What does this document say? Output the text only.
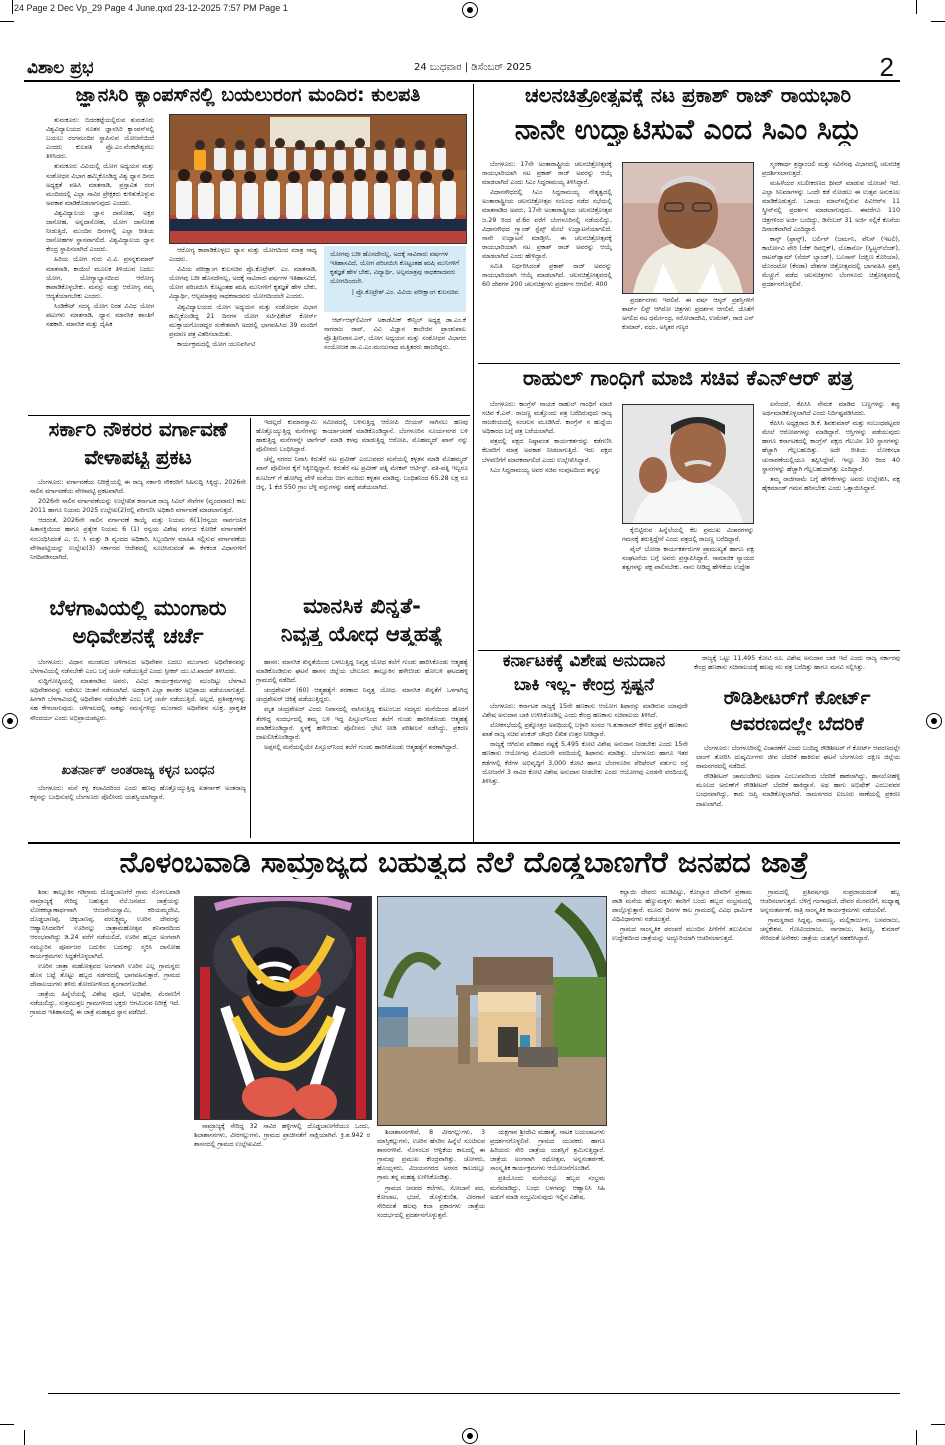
24 Page 2 Dec Vp_29 Page 4 June.qxd 23-12-2025 7:57 PM Page 1
ವಿಶಾಲ ಪ್ರಭ	24 ಬುಧವಾರ | ಡಿಸೆಂಬರ್ 2025	2
ಜ್ಞಾನಸಿರಿ ಕ್ಯಾಂಪಸ್‌ನಲ್ಲಿ ಬಯಲುರಂಗ ಮಂದಿರ: ಕುಲಪತಿ

ತುಮಕೂರು: ಬಿದರಕಟ್ಟೆಯಲ್ಲಿರುವ ತುಮಕೂರು ವಿಶ್ವವಿದ್ಯಾಲಯದ ನೂತನ ಜ್ಞಾನಸಿರಿ ಕ್ಯಾಂಪಸ್‌ನಲ್ಲಿ ಬಯಲು ರಂಗಮಂದಿರ ಸ್ಥಾಪಿಸುವ ಯೋಜನೆಯಿದೆ ಎಂದರು ಕುಲಪತಿ ಪ್ರೊ.ಎಂ.ವೆಂಕಟೇಶ್ವರಲು ತಿಳಿಸಿದರು.

ತುಮಕೂರು ವಿವಿಯಲ್ಲಿ ಯೋಗ ಅಧ್ಯಯನ ಮತ್ತು ಸಂಶೋಧನ ವಿಭಾಗ ಹಮ್ಮಿಕೊಂಡಿದ್ದ ವಿಶ್ವ ಧ್ಯಾನ ದಿನದ ಅಧ್ಯಕ್ಷತೆ ವಹಿಸಿ ಮಾತನಾಡಿ, ಪ್ರಸ್ತಾವಿತ ರಂಗ ಮಂದಿರದಲ್ಲಿ ಎಲ್ಲಾ ಸಾವಿರ ಪ್ರೇಕ್ಷಕರು ಕುಳಿತುಕೊಳ್ಳುವ ಅವಕಾಶ ಮಾಡಿಕೊಡಲಾಗುವುದು ಎಂದರು.

ವಿಶ್ವವಿದ್ಯಾಲಯ ಜ್ಞಾನ ದಾಸೋಹ, ಅಕ್ಷರ ದಾಸೋಹ, ಅನ್ನದಾಸೋಹ, ಯೋಗ ದಾಸೋಹ ನೀಡುತ್ತಿದೆ, ಮುಂದಿನ ದಿನಗಳಲ್ಲಿ ಎಲ್ಲಾ ರೀತಿಯ ದಾಸೋಹಗಳ ಸ್ಥಾನವಾಗಲಿದೆ. ವಿಶ್ವವಿದ್ಯಾಲಯ ಧ್ಯಾನ ಕೇಂದ್ರ ಸ್ಥಾಪಿಸಲಾಗಿದೆ ಎಂದರು.

ಹಿರಿಯ ಯೋಗ ಗುರು ವಿ.ವಿ. ಪ್ರಸನ್ನಕುಮಾರ್ ಮಾತನಾಡಿ, ಕಾಯಿಲೆ ಮೂಲಕ ತಿಳಿಯುವ ಬದಲು ಯೋಗ, ಯೋಗ್ಯಾಭ್ಯಾಸದಿಂದ ಆರೋಗ್ಯ ಕಾಪಾಡಿಕೊಳ್ಳಬೇಕು. ಮನಸ್ಸು ಮತ್ತು ಆರೋಗ್ಯ ನಮ್ಮ ಆದ್ಯತೆಯಾಗಬೇಕು ಎಂದರು.

ಸಿಂಡಿಕೇಟ್ ಸದಸ್ಯ ಯೋಗ ನಿರತ ವಿವಿಧ ಯೋಗ ಪಟುಗಳು ಮಾತನಾಡಿ, ಧ್ಯಾನ ಮಾನಸಿಕ ಶಾಂತಿಗೆ ಸಹಕಾರಿ. ಮಾನಸಿಕ ಮತ್ತು ದೈಹಿಕ

ಆರೋಗ್ಯ ಕಾಪಾಡಿಕೊಳ್ಳಲು ಧ್ಯಾನ ಮತ್ತು ಯೋಗದಿಂದ ಮಾತ್ರ ಸಾಧ್ಯ ಎಂದರು.

ವಿವಿಯ ಪರೀಕ್ಷಾಂಗ ಕುಲಸಚಿವ ಪ್ರೊ.ಕೊಟ್ರೇಶ್. ಎಂ. ಮಾತನಾಡಿ, ಯೋಗವು ಬರೀ ಹೊಸದೇನಲ್ಲ, ಅದಕ್ಕೆ ಸಾವಿರಾರು ವರ್ಷಗಳ ಇತಿಹಾಸವಿದೆ, ಯೋಗ ಪರಿಚಯಿಸಿ ಕೊಟ್ಟಂತಹ ಋಷಿ ಮುನಿಗಳಿಗೆ ಕೃತಜ್ಞತೆ ಹೇಳ ಬೇಕು, ವಿದ್ಯಾರ್ಥಿ, ಆಲ್ಪಮಾತ್ರವು ಸಾಧಕರಾದವರು ಯೋಗದಿಂದಲೇ ಎಂದರು.

ವಿಶ್ವವಿದ್ಯಾಲಯದ ಯೋಗ ಅಧ್ಯಯನ ಮತ್ತು ಸಂಶೋಧನ ವಿಭಾಗ ಹಮ್ಮಿಕೊಂಡಿದ್ದ 21 ದಿನಗಳ ಯೋಗ ಸರ್ಟಿಫಿಕೇಟ್ ಕೋರ್ಸ್ ಮುಕ್ತಾಯಗೊಂಡದ್ದರ ಸಂಕೇತವಾಗಿ ಅದರಲ್ಲಿ ಭಾಗವಹಿಸಿದ 39 ಮಂದಿಗೆ ಪ್ರಮಾಣ ಪತ್ರ ವಿತರಿಸಲಾಯಿತು.

ಕಾರ್ಯಕ್ರಮದಲ್ಲಿ ಯೋಗ ಯುನಿವರ್ಸಿಟಿ

ಯೋಗವು ಬರೀ ಹೊಸದೇನಲ್ಲ, ಅದಕ್ಕೆ ಸಾವಿರಾರು ವರ್ಷಗಳ ಇತಿಹಾಸವಿದೆ, ಯೋಗ ಪರಿಚಯಿಸಿ ಕೊಟ್ಟಂತಹ ಋಷಿ ಮುನಿಗಳಿಗೆ ಕೃತಜ್ಞತೆ ಹೇಳ ಬೇಕು, ವಿದ್ಯಾರ್ಥಿ, ಅಲ್ಪಮಾತ್ರವು ಸಾಧಕರಾದವರು ಯೋಗದಿಂದಲೇ.
| ಪ್ರೊ.ಕೊಟ್ರೇಶ್.ಎಂ. ವಿವಿಯ ಪರೀಕ್ಷಾಂಗ ಕುಲಸಚಿವ.

ಆರ್ಟ್‌ಆಫ್‌ಲಿವಿಂಗ್ ಅಕಾಡೆಮಿಕ್ ಕೌನ್ಸಿಲ್ ಅಧ್ಯಕ್ಷ ಡಾ.ಎಂ.ಕೆ ನಾಗರಾಜ ರಾವ್, ವಿವಿ ವಿಜ್ಞಾನ ಕಾಲೇಜಿನ ಪ್ರಾಂಶುಪಾಲ ಪ್ರೊ.ಶ್ರೀನಿವಾಸ.ಎನ್, ಯೋಗ ಅಧ್ಯಯನ ಮತ್ತು ಸಂಶೋಧನ ವಿಭಾಗದ ಸಂಯೋಜಕ ಡಾ.ಎ.ಎಂ.ಮಂಜುನಾಥ ಮತ್ತಿತರರು ಹಾಜರಿದ್ದರು.

ಚಲನಚಿತ್ರೋತ್ಸವಕ್ಕೆ ನಟ ಪ್ರಕಾಶ್ ರಾಜ್ ರಾಯಭಾರಿ
ನಾನೇ ಉದ್ಘಾಟಿಸುವೆ ಎಂದ ಸಿಎಂ ಸಿದ್ದು

ಬೆಂಗಳೂರು: 17ನೇ ಅಂತಾರಾಷ್ಟ್ರೀಯ ಚಲನಚಿತ್ರೋತ್ಸವಕ್ಕೆ ರಾಯಭಾರಿಯಾಗಿ ನಟ ಪ್ರಕಾಶ್ ರಾಜ್ ಅವರನ್ನು ಆಯ್ಕೆ ಮಾಡಲಾಗಿದೆ ಎಂದು ಸಿಎಂ ಸಿದ್ದರಾಮಯ್ಯ ತಿಳಿಸಿದ್ದಾರೆ.

ವಿಧಾನಸೌಧದಲ್ಲಿ ಸಿಎಂ ಸಿದ್ದರಾಮಯ್ಯ ನೇತೃತ್ವದಲ್ಲಿ ಅಂತಾರಾಷ್ಟ್ರೀಯ ಚಲನಚಿತ್ರೋತ್ಸವ ಸಂಬಂಧ ನಡೆದ ಸಭೆಯಲ್ಲಿ ಮಾತನಾಡಿದ ಅವರು, 17ನೇ ಅಂತಾರಾಷ್ಟ್ರೀಯ ಚಲನಚಿತ್ರೋತ್ಸವ ಜ.29 ರಿಂದ ಫೆ.6ರ ವರೆಗೆ ಬೆಂಗಳೂರಿನಲ್ಲಿ ನಡೆಯಲಿದ್ದು, ವಿಧಾನಸೌಧದ ಗ್ರ್ಯಾಂಡ್ ಸ್ಟೆಪ್ಸ್ ಮೇಲೆ ಉದ್ಘಾಟನೆಯಾಗಲಿದೆ. ನಾನೇ ಉದ್ಘಾಟನೆ ಮಾಡ್ತೀನಿ. ಈ ಚಲನಚಿತ್ರೋತ್ಸವಕ್ಕೆ ರಾಯಭಾರಿಯಾಗಿ ನಟ ಪ್ರಕಾಶ್ ರಾಜ್ ಅವರನ್ನು ಆಯ್ಕೆ ಮಾಡಲಾಗಿದೆ ಎಂದು ಹೇಳಿದ್ದಾರೆ.

ಸಮಿತಿ ನಿರ್ಧರಿಸಿದಂತೆ ಪ್ರಕಾಶ್ ರಾಜ್ ಅವರನ್ನು ರಾಯಭಾರಿಯಾಗಿ ಆಯ್ಕೆ ಮಾಡಲಾಗಿದೆ. ಚಲನಚಿತ್ರೋತ್ಸವದಲ್ಲಿ 60 ದೇಶಗಳ 200 ಚಲನಚಿತ್ರಗಳು ಪ್ರದರ್ಶನ ಆಗಲಿವೆ. 400

ಪ್ರದರ್ಶನಗಳು ಇರಲಿವೆ. ಈ ವರ್ಷ ಆಸ್ಕರ್ ಪ್ರಶಸ್ತಿಗಳಿಗೆ ಶಾರ್ಟ್ ಲಿಸ್ಟ್ ಆಗಿರೋ ಚಿತ್ರಗಳು ಪ್ರದರ್ಶನ ಆಗಲಿವೆ. ಜೊತೆಗೆ ಅಗಲಿದ ನಟ ಧರ್ಮೇಂದ್ರ, ಸರೋಜಾದೇವಿ, ಉಮೇಶ್, ರಾಜಿ ಎನ್ ಕುಮಾರ್, ವಧಂ, ಅಸ್ಕಿತರ ಗಣ್ಯರ

ಸ್ಮರಣಾರ್ಥ ಶ್ರದ್ಧಾಂಜಲಿ ಮತ್ತು ಸವಿನೆನಪು ವಿಭಾಗದಲ್ಲಿ ಚಲನಚಿತ್ರ ಪ್ರದರ್ಶಿಸಲಾಗುತ್ತದೆ.

ಮಹಿಳೆಯರ ಸಬಲೀಕರಣದ ಥೀಮ್ ಮಾಡುವ ಯೋಚನೆ ಇದೆ. ಎಲ್ಲಾ ಸಿನಿಮಾಗಳನ್ನು ಒಂದೇ ಕಡೆ ನೋಡಲು ಈ ಉತ್ಸವ ಅನುಕೂಲ ಮಾಡಿಕೊಡುತ್ತದೆ. ಒರಾಯ ಮಾಲ್‌ನಲ್ಲಿರುವ ಪಿವಿಆರ್‌ನ 11 ಸ್ಕ್ರೀನ್‌ನಲ್ಲಿ ಪ್ರದರ್ಶನ ಮಾಡಲಾಗುವುದು. ಈವರೆಗೂ 110 ಚಿತ್ರಗಳಿಂದ ಅರ್ಜಿ ಬಂದಿದ್ದು, ಡಿಸೆಂಬರ್ 31 ಅರ್ಜಿ ಸಲ್ಲಿಕೆ ಕೊನೆಯ ದಿನಾಂಕವಾಗಿದೆ ಎಂದಿದ್ದಾರೆ.

ಕಾನ್ಸ್ (ಫ್ರಾನ್ಸ್), ಬರ್ಲಿನ್ (ಜರ್ಮನಿ, ವೆನಿಸ್ (ಇಟಲಿ), ಕಾರ್ಲೋವಿ ವೇರಿ (ಜೆಕ್ ರಿಪಬ್ಲಿಕ್), ಲೊಕಾರ್ನೊ (ಸ್ವಿಟ್ಜರ್‌ಲೆಂಡ್), ರಾಟರ್‌ಡ್ಯಾಮ್ (ನೆದರ್ ಲ್ಯಾಂಡ್), ಬೂಸಾನ್ (ದಕ್ಷಿಣ ಕೊರಿಯಾ), ಟೊರಂಟೋ (ಕೆನಡಾ) ದೇಶಗಳ ಚಿತ್ರೋತ್ಸವದಲ್ಲಿ ಭಾಗವಹಿಸಿ ಪ್ರಶಸ್ತಿ ಮೆಚ್ಚುಗೆ ಪಡೆದ ಚಲನಚಿತ್ರಗಳು ಬೆಂಗಳೂರು ಚಿತ್ರೋತ್ಸವದಲ್ಲಿ ಪ್ರದರ್ಶನಗೊಳ್ಳಲಿವೆ.

ರಾಹುಲ್ ಗಾಂಧಿಗೆ ಮಾಜಿ ಸಚಿವ ಕೆಎನ್‌ಆರ್ ಪತ್ರ

ಬೆಂಗಳೂರು: ಕಾಂಗ್ರೆಸ್ ನಾಯಕ ರಾಹುಲ್ ಗಾಂಧಿಗೆ ಮಾಜಿ ಸಚಿವ ಕೆ.ಎನ್. ರಾಜಣ್ಣ ಮತ್ತೊಂದು ಪತ್ರ ಬರೆದಿರುವುದು ರಾಜ್ಯ ರಾಜಕೀಯದಲ್ಲಿ ಸಂಚಲನ ಮೂಡಿಸಿದೆ. ಕಾಂಗ್ರೆಸ್ ನ ಹುದ್ದೆಯ ಅಧಿಕಾರದ ಬಗ್ಗೆ ಪತ್ರ ಬರೆಯಲಾಗಿದೆ.

ಪತ್ರದಲ್ಲಿ ಪಕ್ಷದ ನಿಷ್ಠಾವಂತ ಕಾರ್ಯಕರ್ತರನ್ನು ಕಡೆಗಣಿಸಿ ಕೆಲವರಿಗೆ ಮಾತ್ರ ಅವಕಾಶ ನೀಡಲಾಗುತ್ತಿದೆ. ಇದು ಪಕ್ಷದ ಬೆಳವಣಿಗೆಗೆ ಮಾರಕವಾಗಲಿದೆ ಎಂದು ಉಲ್ಲೇಖಿಸಿದ್ದಾರೆ.

ಸಿಎಂ ಸಿದ್ದರಾಮಯ್ಯ ಅವರ ಸಚಿವ ಸಂಪುಟದಿಂದ ತನ್ನನ್ನು

ಕೈಬಿಟ್ಟಿರುವ ಹಿನ್ನೆಲೆಯಲ್ಲಿ ಕೆಲ ಪ್ರಮುಖ ವಿಚಾರಗಳನ್ನು ಗಮನಕ್ಕೆ ತರುತ್ತಿದ್ದೇನೆ ಎಂದು ಪತ್ರದಲ್ಲಿ ರಾಜಣ್ಣ ಬರೆದಿದ್ದಾರೆ.

ಪೈಲ್ ಬೋರಾ ಕಾರ್ಯಕರ್ತರುಗಳ ಪ್ರಾಮುಖ್ಯತೆ ಹಾಗೂ ಪಕ್ಷ ಸಂಘಟನೆಯ ಬಗ್ಗೆ ಅವರು ಪ್ರಸ್ತಾಪಿಸಿದ್ದಾರೆ. ಸಾಮಾಜಿಕ ನ್ಯಾಯದ ತತ್ವಗಳನ್ನು ಪಕ್ಷ ಪಾಲಿಸಬೇಕು. ನಾನು ನೀಡಿದ್ದ ಹೇಳಿಕೆಯ ಉದ್ದೇಶ

ಏನೆಂದರೆ, ಕೆಪಿಸಿಸಿ ನೇಮಕ ಮಾಡಿದ ಬಣ್ಣಗಳನ್ನು ತಪ್ಪು ಅರ್ಥಮಾಡಿಕೊಳ್ಳಲಾಗಿದೆ ಎಂದು ನಿರ್ದಿಷ್ಟಪಡಿಸಿದರು.

ಕೆಪಿಸಿಸಿ ಅಧ್ಯಕ್ಷರಾದ ಡಿ.ಕೆ. ಶಿವಕುಮಾರ್ ಮತ್ತು ಸಂಬಂಧಪಟ್ಟವರ ಮೇಲೆ ಆರೋಪಗಳನ್ನು ಮಾಡಿದ್ದಾರೆ. ಆಸ್ತಿಗಳನ್ನು ಪಡೆಯುವುದು ಹಾಗೂ ಕರ್ನಾಟಕದಲ್ಲಿ ಕಾಂಗ್ರೆಸ್ ಪಕ್ಷದ ಗೆಲುವಿನ 10 ಸ್ಥಾನಗಳನ್ನು ಹೆಚ್ಚಾಗಿ ಗೆಲ್ಲಬಹುದಿತ್ತು. ಅದೇ ರೀತಿಯ ಲೋಕಸಭಾ ಚುನಾವಣೆಯಲ್ಲಿಯೂ ತಪ್ಪಿಸಿದ್ದೇವೆ, ಇನ್ನೂ 30 ರಿಂದ 40 ಸ್ಥಾನಗಳನ್ನು ಹೆಚ್ಚಾಗಿ ಗೆಲ್ಲಬಹುದಾಗಿತ್ತು ಎಂದಿದ್ದಾರೆ.

ತಮ್ಮ ರಾಜೀನಾಮೆ ಬಗ್ಗೆ ಹೇಳಿಕೆಗಳನ್ನು ಅವರು ಉಲ್ಲೇಖಿಸಿ, ಪಕ್ಷ ಹೈಕಮಾಂಡ್ ಗಮನ ಹರಿಸಬೇಕು ಎಂದು ಒತ್ತಾಯಿಸಿದ್ದಾರೆ.

ಸರ್ಕಾರಿ ನೌಕರರ ವರ್ಗಾವಣೆ
ವೇಳಾಪಟ್ಟಿ ಪ್ರಕಟ

ಬೆಂಗಳೂರು: ವರ್ಗಾವಣೆಯ ನಿರೀಕ್ಷೆಯಲ್ಲಿ ಈ ರಾಜ್ಯ ಸರ್ಕಾರಿ ನೌಕರರಿಗೆ ಸಿಹಿಸುದ್ದಿ ಸಿಕ್ಕಿದ್ದು, 2026ನೇ ಸಾಲಿನ ವರ್ಗಾವಣೆಯ ವೇಳಾಪಟ್ಟಿ ಪ್ರಕಟವಾಗಿದೆ.

2026ನೇ ಸಾಲಿನ ವರ್ಗಾವಣೆಯನ್ನು ಉಲ್ಲೇಖಿತ ಕರ್ನಾಟಕ ರಾಜ್ಯ ಸಿವಿಲ್ ಸೇವೆಗಳ (ವೃಂದವಾರು) ಕಾಲ 2011 ಹಾಗೂ ನಿಯಮ 2025 ಉಲ್ಲೇಖ(2)ರಲ್ಲಿ ಪರಿಗಣಿಸಿ ಅಧಿಕಾರಿ ವರ್ಗಾವಣೆ ಮಾಡಲಾಗುತ್ತದೆ.

ಆದರಂತೆ, 2026ನೇ ಸಾಲಿನ ವರ್ಗಾವಣೆ ಕಾಯ್ದೆ ಮತ್ತು ನಿಯಮ 6(1)ರನ್ವಯ ಸಾರ್ವಜನಿಕ ಹಿತಾಸಕ್ತಿಯಿಂದ ಹಾಗೂ ಪ್ರತ್ಯೇಕ ನಿಯಮ 6 (1) ರನ್ವಯ ವಿಶೇಷ ವರ್ಗದ ಕೋರಿಕೆ ವರ್ಗಾವಣೆಗೆ ಸಂಬಂಧಿಸಿದಂತೆ ಎ, ಬಿ, ಸಿ ಮತ್ತು ಡಿ ವೃಂದದ ಅಧಿಕಾರಿ, ಸಿಬ್ಬಂದಿಗಳ ಮಾಹಿತಿ ಸಲ್ಲಿಸುವ ವರ್ಗಾವಣೆಯ ವೇಳಾಪಟ್ಟಿಯನ್ನು ಉಲ್ಲೇಖ(3) ಸರ್ಕಾರದ ಆದೇಶದಲ್ಲಿ ಸೂಚಿಸಿರುವಂತೆ ಈ ಕೆಳಕಂಡ ವಿಧಾನಗಳಿಗೆ ನಿಗದಿಪಡಿಸಲಾಗಿದೆ.

ಬೆಳಗಾವಿಯಲ್ಲಿ ಮುಂಗಾರು
ಅಧಿವೇಶನಕ್ಕೆ ಚರ್ಚೆ

ಬೆಂಗಳೂರು: ವಿಧಾನ ಮಂಡಲದ ಚಳಿಗಾಲದ ಅಧಿವೇಶನ ಬದಲು ಮುಂಗಾರು ಅಧಿವೇಶನವನ್ನು ಬೆಳಗಾವಿಯಲ್ಲಿ ನಡೆಸಬೇಕೇ ಎಂಬ ಬಗ್ಗೆ ಚರ್ಚೆ ನಡೆಯುತ್ತಿದೆ ಎಂದು ಸ್ಪೀಕರ್ ಯು.ಟಿ.ಖಾದರ್ ತಿಳಿಸಿದರು.

ಸುದ್ದಿಗೋಷ್ಠಿಯಲ್ಲಿ ಮಾತನಾಡಿದ ಅವರು, ವಿವಿಧ ಕಾರ್ಯಕ್ರಮಗಳನ್ನು ಮುಂದಿಟ್ಟು ಬೆಳಗಾವಿ ಅಧಿವೇಶನವನ್ನು ನಡೆಸಲು ಚಿಂತನೆ ನಡೆಸಲಾಗಿದೆ. ಅದಕ್ಕಾಗಿ ಎಲ್ಲಾ ಶಾಸಕರ ಅಭಿಪ್ರಾಯ ಪಡೆಯಲಾಗುತ್ತದೆ. ಹೀಗಾಗಿ ಬೆಳಗಾವಿಯಲ್ಲಿ ಅಧಿವೇಶನ ನಡೆಸಬೇಕೇ ಎಂಬ ಬಗ್ಗೆ ಚರ್ಚೆ ನಡೆಯುತ್ತಿದೆ. ಅಲ್ಲದೆ, ಪ್ರತಿಪಕ್ಷಗಳನ್ನು ಸಹ ಕೇಳಲಾಗುವುದು. ಚಳಿಗಾಲದಲ್ಲಿ ಸಾಕಷ್ಟು ಸಮಸ್ಯೆಗಳಿದ್ದು ಮುಂಗಾರು ಅಧಿವೇಶನ ಸೂಕ್ತ. ಪ್ರಾಕೃತಿಕ ಸೌಂದರ್ಯ ಎಂದು ಅಭಿಪ್ರಾಯಪಟ್ಟರು.

ಖತರ್ನಾಕ್ ಅಂತರಾಜ್ಯ ಕಳ್ಳನ ಬಂಧನ

ಬೆಂಗಳೂರು: ಮನೆ ಕಳ್ಳ ಕಲಾವಿದರಿಂದ ಎಂದು ಹಣವು ಹೊತ್ತೊಯ್ಯುತ್ತಿದ್ದ ಖತರ್ನಾಕ್ ಅಂತರಾಜ್ಯ ಕಳ್ಳನನ್ನು ಬಂಧಿಸುವಲ್ಲಿ ಬೆಂಗಳೂರು ಪೊಲೀಸರು ಯಶಸ್ವಿಯಾಗಿದ್ದಾರೆ.

ಇದಲ್ಲದೆ ಕುಮಾರಸ್ವಾಮಿ ಸಮೀಪದಲ್ಲಿ ಬಳಿಸುತ್ತಿದ್ದ ಆರೋಪಿ ಬೀಯಸ್ ಸಾಗಿಸಲು ಹಣವು ಹೊತ್ತೊಯ್ಯುತ್ತಿದ್ದ ಮನೆಗಳನ್ನು ಕಾರ್ಯಾಚರಣೆ ಮಾಡಿಕೊಂಡಿದ್ದಾನೆ. ಬೆಂಗಳೂರಿನ ಸೂರ್ಯನಗರ ಬಳಿ ಹಾಕುತ್ತಿದ್ದ ಮನೆಗಳನ್ನೇ ಟಾರ್ಗೆಟ್ ಮಾಡಿ ಕಳವು ಮಾಡುತ್ತಿದ್ದ ಆರೋಪಿ, ಮೊಹಮ್ಮದ್ ಖಾನ್ ನನ್ನು ಪೊಲೀಸರು ಬಂಧಿಸಿದ್ದಾರೆ.

ಚೆನ್ನೈ ನಗರದ ನಿವಾಸಿ ಕಿರುತೆರೆ ನಟ ಪ್ರವೀಣ್ ಎಂಬುವವರ ಮನೆಯಲ್ಲಿ ಕಳ್ಳತನ ಮಾಡಿ ಮೊಹಮ್ಮದ್ ಖಾನ್ ಪೊಲೀಸರ ಕೈಗೆ ಸಿಕ್ಕಿಬಿದ್ದಿದ್ದಾನೆ. ಕಿರುತೆರೆ ನಟ ಪ್ರವೀಣ್ ಪತ್ನಿ ಮೇಕಪ್ ಆರ್ಟಿಸ್ಟ್. ಪತಿ-ಪತ್ನಿ ಇಬ್ಬರೂ ಶೂಟಿಂಗ್ ಗೆ ಹೋಗಿದ್ದ ವೇಳೆ ಮನೆಯ ಬೀಗ ಮುರಿದು ಕಳ್ಳತನ ಮಾಡಿದ್ದ. ಬಂಧಿತನಿಂದ 65.28 ಲಕ್ಷ ರೂ ಚಿನ್ನ, 1 ಕೆಜಿ 550 ಗ್ರಾಂ ಬೆಳ್ಳಿ ವಸ್ತುಗಳನ್ನು ವಶಕ್ಕೆ ಪಡೆಯಲಾಗಿದೆ.

ಮಾನಸಿಕ ಖಿನ್ನತೆ-
ನಿವೃತ್ತ ಯೋಧ ಆತ್ಮಹತ್ಯೆ

ಹಾಸನ: ಮಾನಸಿಕ ಖಿನ್ನತೆಯಿಂದ ಬಳಲುತ್ತಿದ್ದ ನಿವೃತ್ತ ಯೋಧ ತಲೆಗೆ ಗುಂಡು ಹಾರಿಸಿಕೊಂಡು ಆತ್ಮಹತ್ಯೆ ಮಾಡಿಕೊಂಡಿರುವ ಘಟನೆ ಹಾಸನ ಜಿಲ್ಲೆಯ ಬೇಲೂರು ತಾಲ್ಲೂಕಿನ ಹಳೇಬೀಡು ಹೋಬಳಿ ಘಟದಹಳ್ಳಿ ಗ್ರಾಮದಲ್ಲಿ ನಡೆದಿದೆ.

ಚಂದ್ರಶೇಖರ್ (60) ಆತ್ಮಹತ್ಯೆಗೆ ಶರಣಾದ ನಿವೃತ್ತ ಯೋಧ. ಮಾನಸಿಕ ಖಿನ್ನತೆಗೆ ಒಳಗಾಗಿದ್ದ ಚಂದ್ರಶೇಖರ್ ಚಿಕಿತ್ಸೆ ಪಡೆಯುತ್ತಿದ್ದರು.

ಮೃತ ಚಂದ್ರಶೇಖರ್ ಎಂದು ನಿವಾಸದಲ್ಲಿ ವಾಸಿಸುತ್ತಿದ್ದ ಕುಟುಂಬದ ಸದಸ್ಯರು ಮನೆಯಿಂದ ಹೊರಗೆ ತೆರಳಿದ್ದ ಸಂದರ್ಭದಲ್ಲಿ ತಮ್ಮ ಬಳಿ ಇದ್ದ ಪಿಸ್ತೂಲ್‌ನಿಂದ ತಲೆಗೆ ಗುಂಡು ಹಾರಿಸಿಕೊಂಡು ಆತ್ಮಹತ್ಯೆ ಮಾಡಿಕೊಂಡಿದ್ದಾರೆ. ಸ್ಥಳಕ್ಕೆ ಹಳೇಬೀಡು ಪೊಲೀಸರು ಭೇಟಿ ನೀಡಿ ಪರಿಶೀಲನೆ ನಡೆಸಿದ್ದು, ಪ್ರಕರಣ ದಾಖಲಿಸಿಕೊಂಡಿದ್ದಾರೆ.

ಅಪ್ಪನಲ್ಲಿ ಮನೆಯಲ್ಲಿಯೇ ಪಿಸ್ತೂಲ್‌ನಿಂದ ತಲೆಗೆ ಗುಂಡು ಹಾರಿಸಿಕೊಂಡು ಆತ್ಮಹತ್ಯೆಗೆ ಶರಣಾಗಿದ್ದಾರೆ.

ಕರ್ನಾಟಕಕ್ಕೆ ವಿಶೇಷ ಅನುದಾನ
ಬಾಕಿ ಇಲ್ಲ- ಕೇಂದ್ರ ಸ್ಪಷ್ಟನೆ

ಬೆಂಗಳೂರು: ಕರ್ನಾಟಕ ರಾಜ್ಯಕ್ಕೆ 15ನೇ ಹಣಕಾಸು ಆಯೋಗ ಶಿಫಾರಸ್ಸು ಮಾಡಿರುವ ಯಾವುದೇ ವಿಶೇಷ ಅನುದಾನ ಬಾಕಿ ಉಳಿಸಿಕೊಂಡಿಲ್ಲ ಎಂದು ಕೇಂದ್ರ ಹಣಕಾಸು ಸಚಿವಾಲಯ ತಿಳಿಸಿದೆ.

ಲೋಕಸಭೆಯಲ್ಲಿ ಪ್ರಶ್ನೋತ್ತರ ಅವಧಿಯಲ್ಲಿ ಬಳ್ಳಾರಿ ಸಂಸದ ಇ.ತುಕಾರಾಮ್ ಕೇಳಿದ ಪ್ರಶ್ನೆಗೆ ಹಣಕಾಸು ಖಾತೆ ರಾಜ್ಯ ಸಚಿವ ಪಂಕಜ್ ಚೌಧರಿ ಲಿಖಿತ ಉತ್ತರ ನೀಡಿದ್ದಾರೆ.

ರಾಜ್ಯಕ್ಕೆ ಆಗಿರುವ ಪರಿಹಾರ ನಷ್ಟಕ್ಕೆ 5,495 ಕೋಟಿ ವಿಶೇಷ ಅನುದಾನ ನೀಡಬೇಕು ಎಂದು 15ನೇ ಹಣಕಾಸು ಆಯೋಗವು ಮೊದಲನೇ ವರದಿಯಲ್ಲಿ ಶಿಫಾರಸು ಮಾಡಿತ್ತು. ಬೆಂಗಳೂರು ಹಾಗೂ ಇತರ ಕಡೆಗಳಲ್ಲಿ ಕೆರೆಗಳ ಅಭಿವೃದ್ಧಿಗೆ 3,000 ಕೋಟಿ ಹಾಗೂ ಬೆಂಗಳೂರಿನ ಪೆರಿಫೆರಲ್ ವರ್ತುಲ ರಸ್ತೆ ಯೋಜನೆಗೆ 3 ಸಾವಿರ ಕೋಟಿ ವಿಶೇಷ ಅನುದಾನ ನೀಡಬೇಕು ಎಂದು ಆಯೋಗವು ಎರಡನೇ ವರದಿಯಲ್ಲಿ ತಿಳಿಸಿತ್ತು.

ರಾಜ್ಯಕ್ಕೆ ಒಟ್ಟು 11,495 ಕೋಟಿ ರೂ. ವಿಶೇಷ ಅನುದಾನ ಬಾಕಿ ಇದೆ ಎಂದು ರಾಜ್ಯ ಸರ್ಕಾರವು ಕೇಂದ್ರ ಹಣಕಾಸು ಸಚಿವಾಲಯಕ್ಕೆ ಹಲವು ಸಲ ಪತ್ರ ಬರೆದಿತ್ತು ಹಾಗೂ ಮನವಿ ಸಲ್ಲಿಸಿತ್ತು.

ರೌಡಿಶೀಟರ್‌ಗೆ ಕೋರ್ಟ್
ಆವರಣದಲ್ಲೇ ಬೆದರಿಕೆ

ಬೆಂಗಳೂರು: ಬೆಂಗಳೂರಿನಲ್ಲಿ ವಿಚಾರಣೆಗೆ ಎಂದು ಬಂದಿದ್ದ ರೌಡಿಶೀಟರ್ ಗೆ ಕೋರ್ಟ್ ಆವರಣದಲ್ಲೇ ಲಾಂಗ್ ತೋರಿಸಿ ದುಷ್ಕರ್ಮಿಗಳು ಜೀವ ಬೆದರಿಕೆ ಹಾಕಿರುವ ಘಟನೆ ಬೆಂಗಳೂರು ದಕ್ಷಿಣ ಜಿಲ್ಲೆಯ ರಾಮನಗರದಲ್ಲಿ ನಡೆದಿದೆ.

ರೌಡಿಶೀಟರ್ ಚಾಮುಂಡಿಗಲ ಅಥವಾ ಎಂಬುವವರಿಂದ ಬೆದರಿಕೆ ಹಾಕಲಾಗಿದ್ದು, ಹಾಸಲೋಹಳ್ಳಿ ಮೂಲದ ಅರುಣ್‌ಗೆ ರೌಡಿಶೀಟರ್ ಬೆದರಿಕೆ ಹಾಕಿದ್ದಾನೆ. ಅಥ ಹಾಗು ಅಭಿಷೇಕ್ ಎಂಬುವವರ ಬಂಧನವಾಗಿದ್ದು, ಕಾರು ಜಪ್ತಿ ಮಾಡಿಕೊಳ್ಳಲಾಗಿದೆ. ರಾಮನಗರದ ಐಜೂರು ಠಾಣೆಯಲ್ಲಿ ಪ್ರಕರಣ ದಾಖಲಾಗಿದೆ.

ನೊಳಂಬವಾಡಿ ಸಾಮ್ರಾಜ್ಯದ ಬಹುತ್ವದ ನೆಲೆ ದೊಡ್ಡಬಾಣಗೆರೆ ಜನಪದ ಜಾತ್ರೆ

ಶಿರಾ: ತಾಲ್ಲೂಕಿನ ಗಡಿಗ್ರಾಮ ದೊಡ್ಡಬಾಣಗೆರೆ ಗ್ರಾಮ ನೊಳಂಬವಾಡಿ ಸಾಮ್ರಾಜ್ಯಕ್ಕೆ ಸೇರಿದ್ದ ಬಹುತ್ವದ ನೆಲೆ.ಜನಪದ ಜಾತ್ರೆಯನ್ನು ಲೋಕಕಲ್ಯಾಣಾರ್ಥವಾಗಿ ಆಂಜನೇಯಸ್ವಾಮಿ, ಕರಿಯಮ್ಮದೇವಿ, ದೊಡ್ಡಬಾಣಪ್ಪ, ಚಿಕ್ಕಬಾಣಪ್ಪ, ವರಲಕ್ಷ್ಮಮ್ಮ, ಊರಿನ ದೇವರನ್ನು ಆಹ್ವಾನಿಸಿದವರಿಗೆ ಊರಿನಲ್ಲು ಜಾತ್ರಾಮಹೋತ್ಸವ ಶನಿವಾರದಿಂದ ಆರಂಭವಾಗಿದ್ದು ಡಿ.24 ವರೆಗೆ ನಡೆಯಲಿದೆ, ಊರಿನ ಹಬ್ಬದ ಅಂಗವಾಗಿ ನಮ್ಮೂರಿನ ಪೂರ್ವಜರ ಬದುಕಿನ ಬದುಕನ್ನು ಸ್ಮರಿಸಿ ದಾಸೋಹ ಕಾರ್ಯಕ್ರಮಗಳು ಸಿದ್ಧತೆಗೊಳ್ಳಲಾಗಿದೆ.

ಊರಿನ ಜಾತ್ರಾ ಮಹೋತ್ಸವದ ಅಂಗವಾಗಿ ಊರಿನ ಎಲ್ಲ ಗ್ರಾಮಸ್ಥರು ಹೊಸ ಬಟ್ಟೆ ತೊಟ್ಟು ಹಬ್ಬದ ಸಡಗರದಲ್ಲಿ ಭಾಗವಹಿಸುತ್ತಾರೆ. ಗ್ರಾಮದ ದೇವಾಲಯಗಳು ತಳಿರು ತೋರಣಗಳಿಂದ ಶೃಂಗಾರಗೊಂಡಿವೆ.

ಜಾತ್ರೆಯ ಹಿನ್ನೆಲೆಯಲ್ಲಿ ವಿಶೇಷ ಪೂಜೆ, ಅಭಿಷೇಕ, ಮೆರವಣಿಗೆ ನಡೆಯಲಿದ್ದು, ಸುತ್ತಮುತ್ತಲ ಗ್ರಾಮಗಳಿಂದ ಭಕ್ತರು ಆಗಮಿಸುವ ನಿರೀಕ್ಷೆ ಇದೆ. ಗ್ರಾಮದ ಇತಿಹಾಸದಲ್ಲಿ ಈ ಜಾತ್ರೆ ಮಹತ್ವದ ಸ್ಥಾನ ಪಡೆದಿದೆ.

ಸಾಮ್ರಾಜ್ಯಕ್ಕೆ ಸೇರಿದ್ದ 32 ಸಾವಿರ ಹಳ್ಳಿಗಳಲ್ಲಿ ದೊಡ್ಡಬಾಣಗೆರೆಯೂ ಒಂದು, ಶಿಲಾಶಾಸನಗಳು, ವೀರಗಲ್ಲುಗಳು, ಗ್ರಾಮದ ಪ್ರಾಚೀನತೆಗೆ ಸಾಕ್ಷಿಯಾಗಿವೆ. ಕ್ರಿ.ಶ.942 ರ ಶಾಸನದಲ್ಲಿ ಗ್ರಾಮದ ಉಲ್ಲೇಖವಿದೆ.

ಶಿಲಾಶಾಸನಗಳಿವೆ, 8 ವೀರಗಲ್ಲುಗಳು, 3 ಮಾಸ್ತಿಕಲ್ಲುಗಳು, ಊರಿನ ಹೆಸರಿನ ಹಿನ್ನೆಲೆ ಸೂಚಿಸುವ ಶಾಸನಗಳಿವೆ. ನೊಳಂಬರ ಆಳ್ವಿಕೆಯ ಕಾಲದಲ್ಲಿ ಈ ಗ್ರಾಮವು ಪ್ರಮುಖ ಕೇಂದ್ರವಾಗಿತ್ತು. ಚೋಳರು, ಹೊಯ್ಸಳರು, ವಿಜಯನಗರದ ಅರಸರ ಕಾಲದಲ್ಲೂ ಗ್ರಾಮ ತನ್ನ ಮಹತ್ವ ಉಳಿಸಿಕೊಂಡಿತ್ತು.

ಗ್ರಾಮದ ಜನಪದ ಕಲೆಗಳು, ಸೋಬಾನೆ ಪದ, ಕೋಲಾಟ, ಭಜನೆ, ಡೊಳ್ಳುಕುಣಿತ, ವೀರಗಾಸೆ ಸೇರಿದಂತೆ ಹಲವು ಕಲಾ ಪ್ರಕಾರಗಳು ಜಾತ್ರೆಯ ಸಂದರ್ಭದಲ್ಲಿ ಪ್ರದರ್ಶನಗೊಳ್ಳುತ್ತವೆ.

ಯಕ್ಷಗಾನ ಶ್ರೀದೇವಿ ಮಹಾತ್ಮೆ, ನಾಟಕ ಬಯಲಾಟಗಳು ಪ್ರದರ್ಶನಗೊಳ್ಳಲಿವೆ. ಗ್ರಾಮದ ಯುವಕರು ಹಾಗೂ ಹಿರಿಯರು ಸೇರಿ ಜಾತ್ರೆಯ ಯಶಸ್ಸಿಗೆ ಶ್ರಮಿಸುತ್ತಿದ್ದಾರೆ. ಜಾತ್ರೆಯ ಅಂಗವಾಗಿ ರಥೋತ್ಸವ, ಅನ್ನಸಂತರ್ಪಣೆ, ಸಾಂಸ್ಕೃತಿಕ ಕಾರ್ಯಕ್ರಮಗಳು ಆಯೋಜನೆಗೊಂಡಿವೆ.

ಪ್ರತಿಯೊಂದು ಮನೆಯಲ್ಲೂ ಹಬ್ಬದ ಸಂಭ್ರಮ ಮನೆಮಾಡಿದ್ದು, ಬಂಧು ಬಳಗವನ್ನು ಆಹ್ವಾನಿಸಿ ಸಿಹಿ ಅಡುಗೆ ಮಾಡಿ ಸಂಭ್ರಮಿಸುವುದು ಇಲ್ಲಿನ ವಿಶೇಷ.

ಕಲ್ಲಾಯಿ ದೇವರು ಮುಡಿಪಿಟ್ಟು, ಕೋಲ್ಲಾರ ದೇವರಿಗೆ ಪ್ರಣಾಮ ಪಾಡಿ ಮನೆಯ ಹೆಣ್ಣುಮಕ್ಕಳು ತವರಿಗೆ ಬಂದು ಹಬ್ಬದ ಸಂಭ್ರಮದಲ್ಲಿ ಪಾಲ್ಗೊಳ್ಳುತ್ತಾರೆ. ಮೂರು ದಿನಗಳ ಕಾಲ ಗ್ರಾಮದಲ್ಲಿ ವಿವಿಧ ಧಾರ್ಮಿಕ ವಿಧಿವಿಧಾನಗಳು ನಡೆಯುತ್ತವೆ.

ಗ್ರಾಮದ ಸಾಂಸ್ಕೃತಿಕ ಪರಂಪರೆ ಮುಂದಿನ ಪೀಳಿಗೆಗೆ ತಲುಪಿಸುವ ಉದ್ದೇಶದಿಂದ ಜಾತ್ರೆಯನ್ನು ಅದ್ದೂರಿಯಾಗಿ ಆಚರಿಸಲಾಗುತ್ತದೆ.

ಗ್ರಾಮದಲ್ಲಿ ಪ್ರತಿವರ್ಷವೂ ಸಂಪ್ರದಾಯದಂತೆ ಹಬ್ಬ ಆಚರಿಸಲಾಗುತ್ತದೆ. ಬೆಳಿಗ್ಗೆ ಗಂಗಾಪೂಜೆ, ದೇವರ ಮೆರವಣಿಗೆ, ಮಧ್ಯಾಹ್ನ ಅನ್ನಸಂತರ್ಪಣೆ, ರಾತ್ರಿ ಸಾಂಸ್ಕೃತಿಕ ಕಾರ್ಯಕ್ರಮಗಳು ನಡೆಯಲಿವೆ.

ಗ್ರಾಮಸ್ಥರಾದ ಸಿದ್ದಪ್ಪ, ರಾಮಣ್ಣ, ಮಲ್ಲಿಕಾರ್ಜುನ, ಬಸವರಾಜು, ಚನ್ನಕೇಶವ, ಗೋವಿಂದರಾಜು, ನಾಗರಾಜು, ಶಿವಣ್ಣ, ಕುಮಾರ್ ಸೇರಿದಂತೆ ಅನೇಕರು ಜಾತ್ರೆಯ ಯಶಸ್ಸಿಗೆ ಸಹಕರಿಸಿದ್ದಾರೆ.
